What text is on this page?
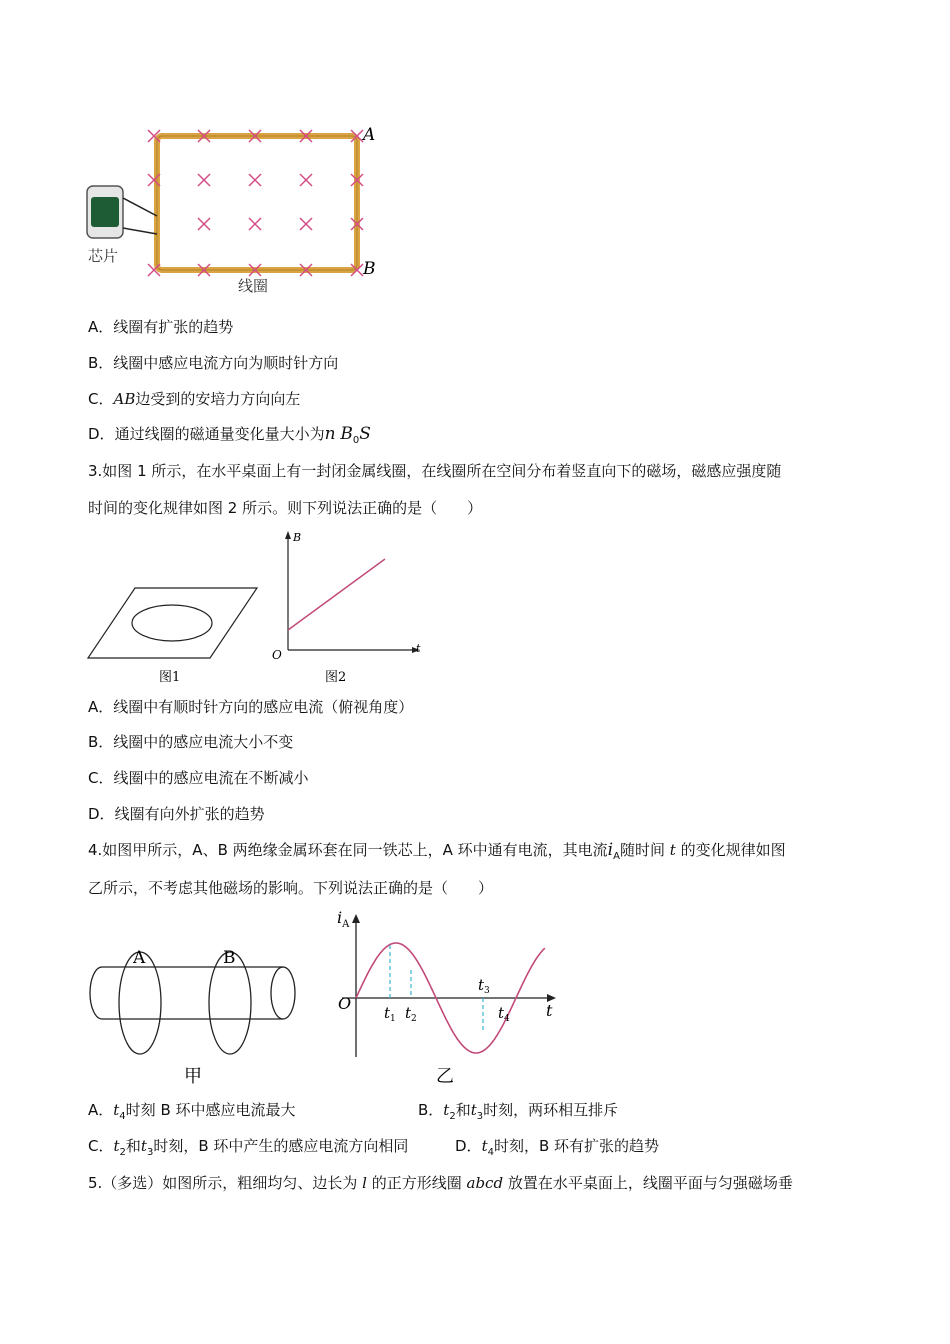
A
B
芯片
线圈
A．线圈有扩张的趋势
B．线圈中感应电流方向为顺时针方向
C．AB边受到的安培力方向向左
D．通过线圈的磁通量变化量大小为n $B_0S$
3.如图 1 所示，在水平桌面上有一封闭金属线圈，在线圈所在空间分布着竖直向下的磁场，磁感应强度随
时间的变化规律如图 2 所示。则下列说法正确的是（　　）
图1
B
t
O
图2
A．线圈中有顺时针方向的感应电流（俯视角度）
B．线圈中的感应电流大小不变
C．线圈中的感应电流在不断减小
D．线圈有向外扩张的趋势
4.如图甲所示，A、B 两绝缘金属环套在同一铁芯上，A 环中通有电流，其电流$i_A$随时间 t 的变化规律如图
乙所示，不考虑其他磁场的影响。下列说法正确的是（　　）
A	B
甲
$i_A$
O	t
$t_1$ $t_2$
$t_3$
$t_4$
乙
A．$t_4$时刻 B 环中感应电流最大	B．$t_2$和$t_3$时刻，两环相互排斥
C．$t_2$和$t_3$时刻，B 环中产生的感应电流方向相同	D．$t_4$时刻，B 环有扩张的趋势
5.（多选）如图所示，粗细均匀、边长为 l 的正方形线圈 abcd 放置在水平桌面上，线圈平面与匀强磁场垂
